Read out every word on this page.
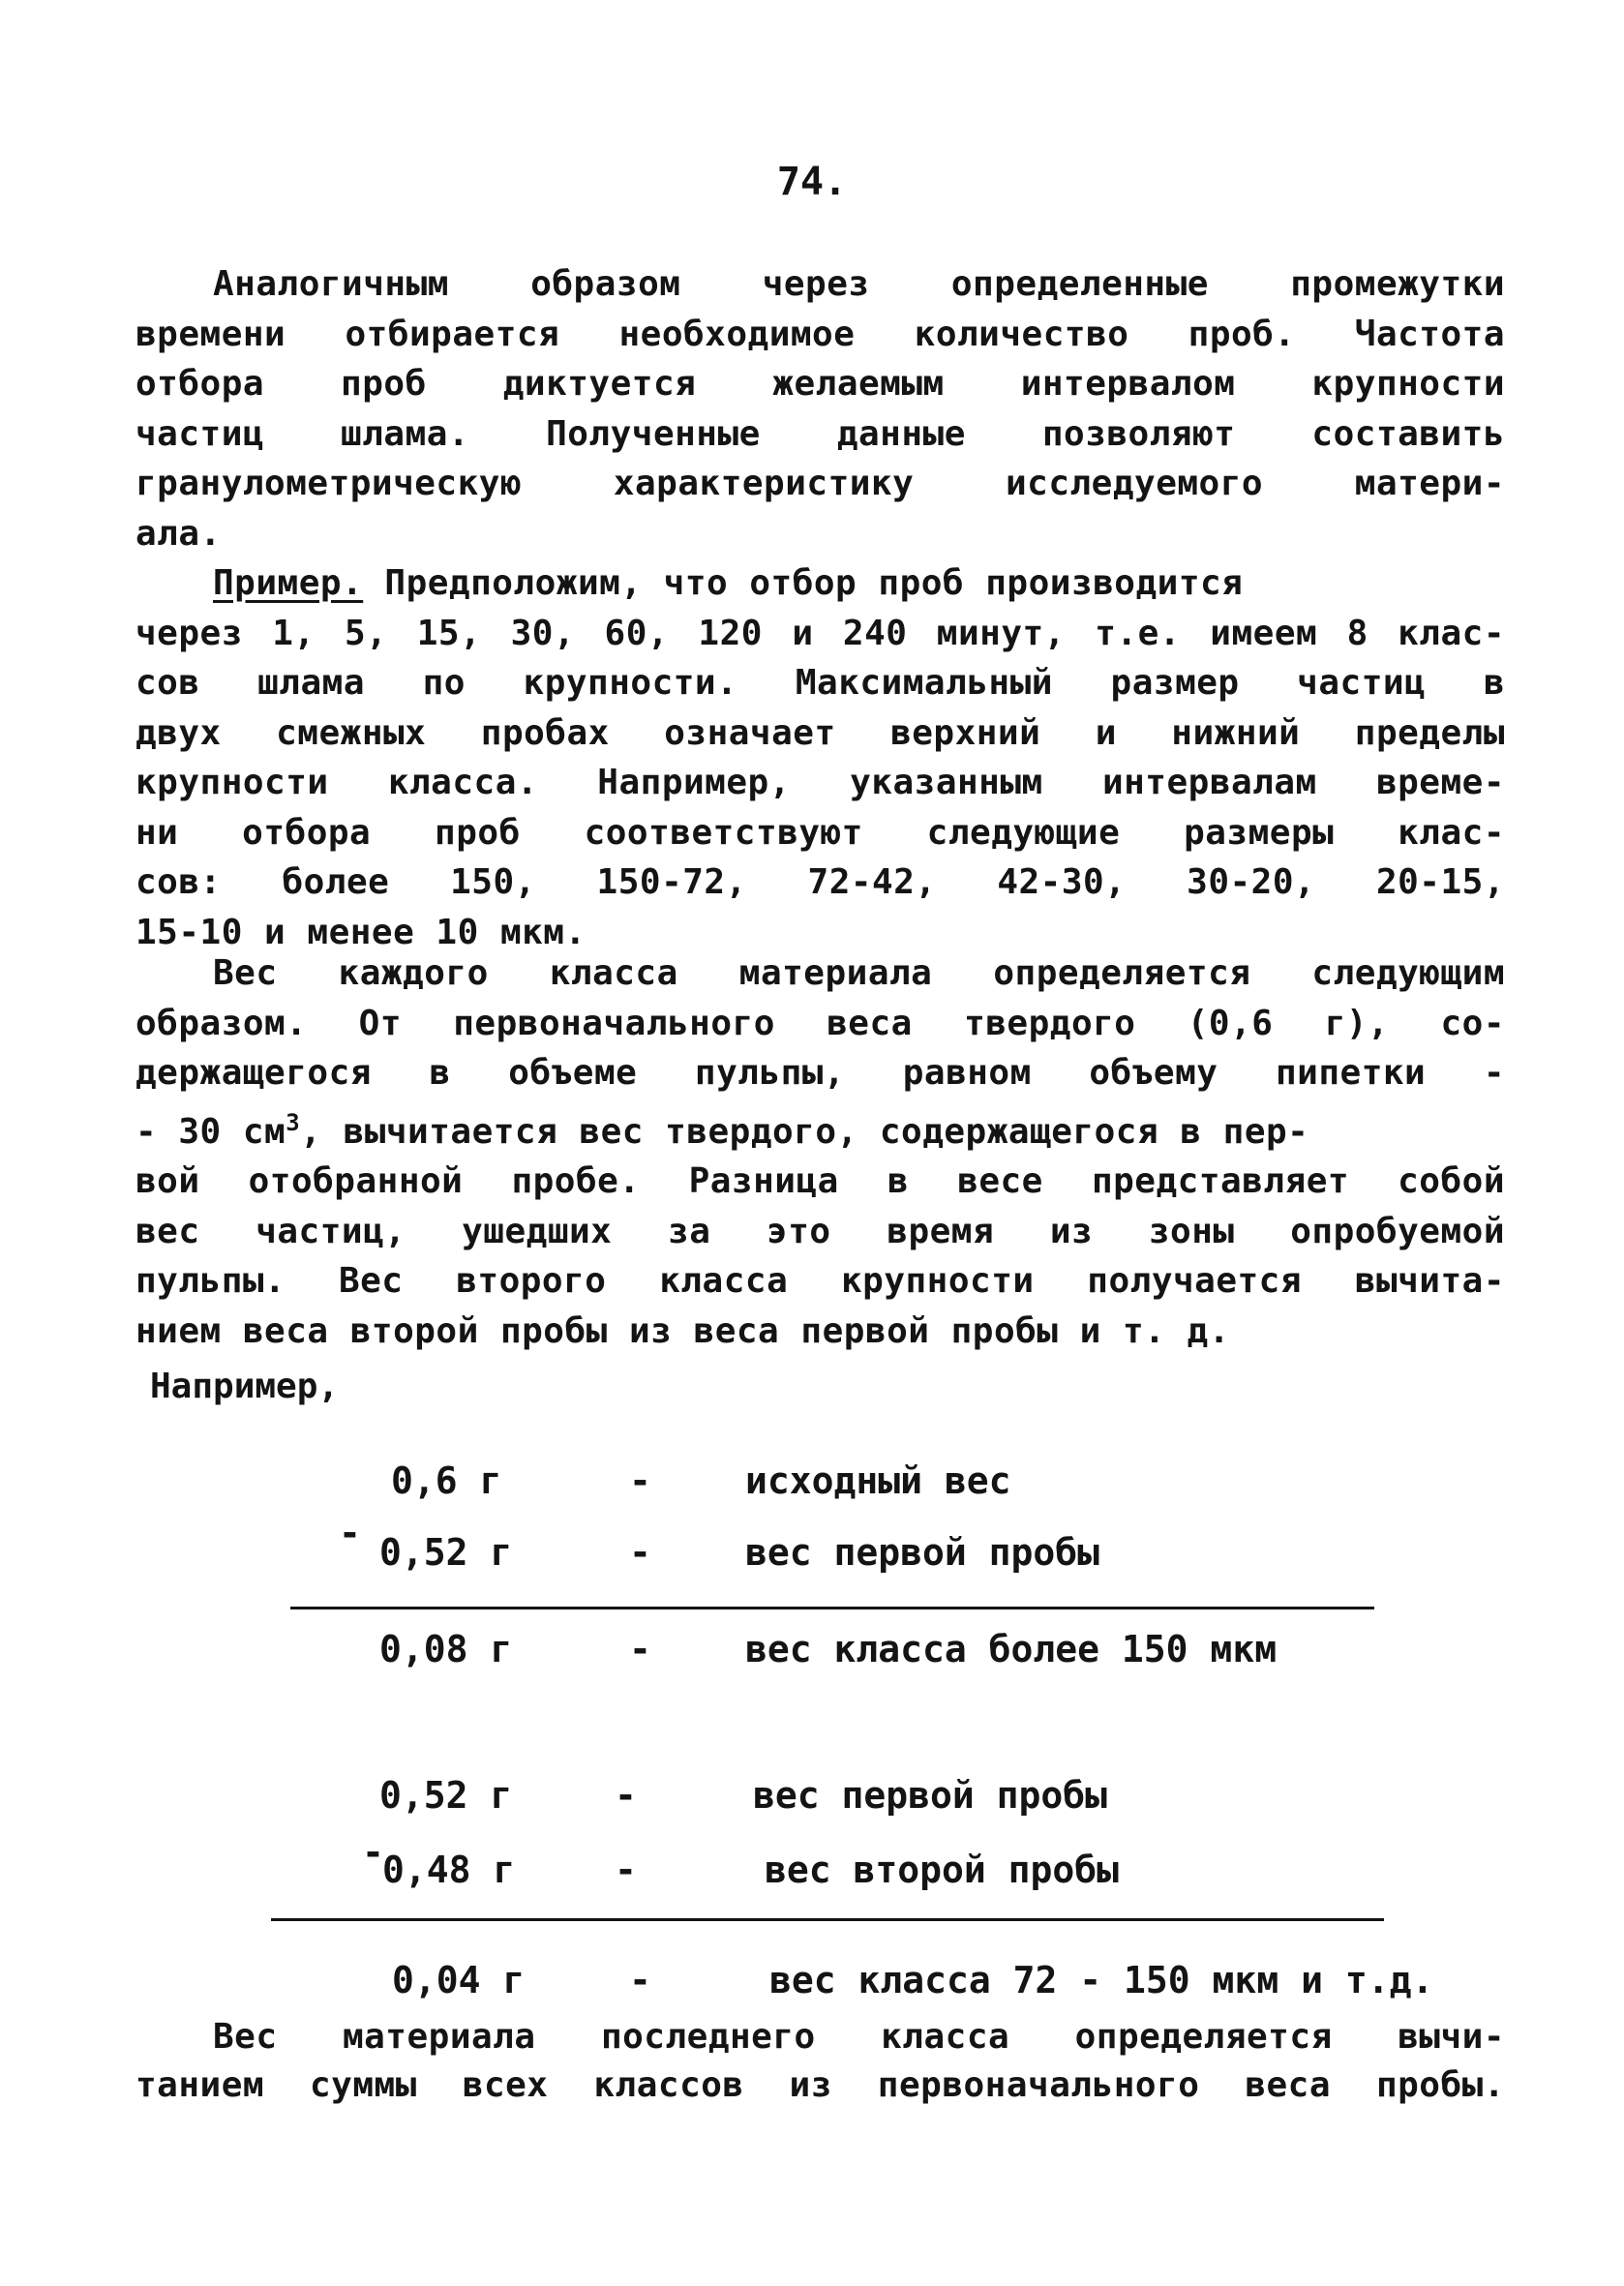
74.
Аналогичным образом через определенные промежутки
времени отбирается необходимое количество проб. Частота
отбора проб диктуется желаемым интервалом крупности
частиц шлама. Полученные данные позволяют составить
гранулометрическую характеристику исследуемого матери-
ала.
Пример. Предположим, что отбор проб производится
через 1, 5, 15, 30, 60, 120 и 240 минут, т.е. имеем 8 клас-
сов шлама по крупности. Максимальный размер частиц в
двух смежных пробах означает верхний и нижний пределы
крупности класса. Например, указанным интервалам време-
ни отбора проб соответствуют следующие размеры клас-
сов: более 150, 150-72, 72-42, 42-30, 30-20, 20-15,
15-10 и менее 10 мкм.
Вес каждого класса материала определяется следующим
образом. От первоначального веса твердого (0,6 г), со-
держащегося в объеме пульпы, равном объему пипетки -
- 30 $см^3$, вычитается вес твердого, содержащегося в пер-
вой отобранной пробе. Разница в весе представляет собой
вес частиц, ушедших за это время из зоны опробуемой
пульпы. Вес второго класса крупности получается вычита-
нием веса второй пробы из веса первой пробы и т. д.
Например,
0,6 г	-	исходный вес
- 0,52 г	-	вес первой пробы
0,08 г	-	вес класса более 150 мкм
0,52 г	-	вес первой пробы
-
0,48 г	-	вес второй пробы
0,04 г	-	вес класса 72 - 150 мкм и т.д.
Вес материала последнего класса определяется вычи-
танием суммы всех классов из первоначального веса пробы.
